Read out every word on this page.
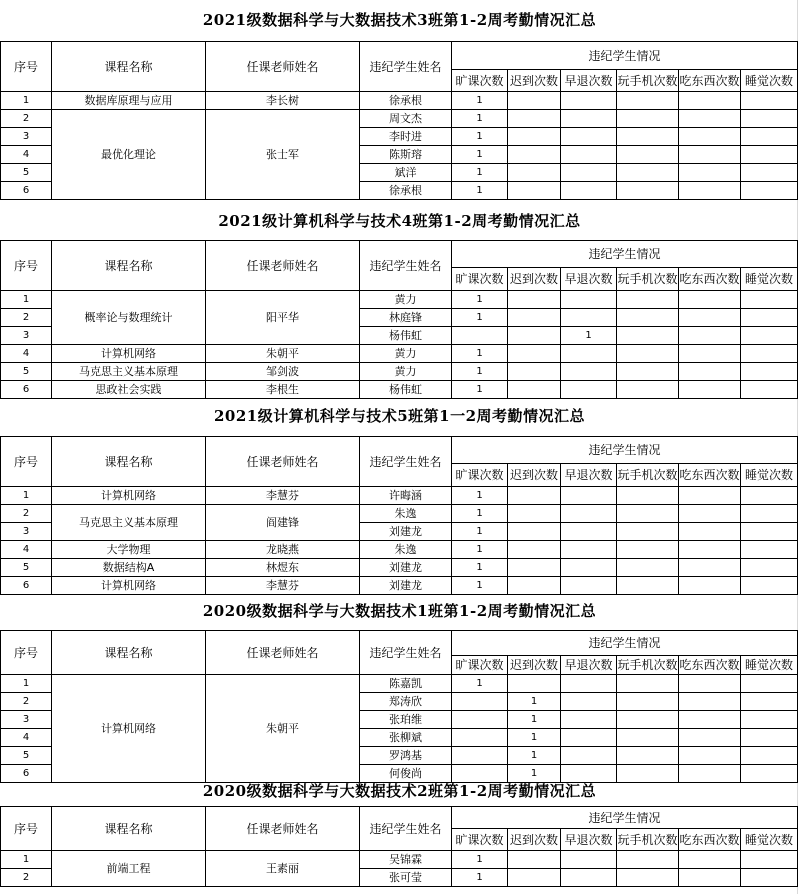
2021级数据科学与大数据技术3班第1-2周考勤情况汇总
序号	课程名称	任课老师姓名	违纪学生姓名	违纪学生情况					
				旷课次数	迟到次数	早退次数	玩手机次数	吃东西次数	睡觉次数
1	数据库原理与应用	李长树	徐承根	1					
2	最优化理论	张士军	周文杰	1					
3			李时进	1					
4			陈斯瑢	1					
5			斌洋	1					
6			徐承根	1					
2021级计算机科学与技术4班第1-2周考勤情况汇总
序号	课程名称	任课老师姓名	违纪学生姓名	违纪学生情况					
				旷课次数	迟到次数	早退次数	玩手机次数	吃东西次数	睡觉次数
1	概率论与数理统计	阳平华	黄力	1					
2			林庭锋	1					
3			杨伟虹			1			
4	计算机网络	朱朝平	黄力	1					
5	马克思主义基本原理	邹剑波	黄力	1					
6	思政社会实践	李根生	杨伟虹	1					
2021级计算机科学与技术5班第1一2周考勤情况汇总
序号	课程名称	任课老师姓名	违纪学生姓名	违纪学生情况					
				旷课次数	迟到次数	早退次数	玩手机次数	吃东西次数	睡觉次数
1	计算机网络	李慧芬	许晦涵	1					
2	马克思主义基本原理	阎建锋	朱逸	1					
3			刘建龙	1					
4	大学物理	龙晓燕	朱逸	1					
5	数据结构A	林煜东	刘建龙	1					
6	计算机网络	李慧芬	刘建龙	1					
2020级数据科学与大数据技术1班第1-2周考勤情况汇总
序号	课程名称	任课老师姓名	违纪学生姓名	违纪学生情况					
				旷课次数	迟到次数	早退次数	玩手机次数	吃东西次数	睡觉次数
1	计算机网络	朱朝平	陈嘉凯	1					
2			郑涛欣		1				
3			张珀维		1				
4			张柳斌		1				
5			罗鸿基		1				
6			何俊尚		1				
2020级数据科学与大数据技术2班第1-2周考勤情况汇总
序号	课程名称	任课老师姓名	违纪学生姓名	违纪学生情况					
				旷课次数	迟到次数	早退次数	玩手机次数	吃东西次数	睡觉次数
1	前端工程	王素丽	吴锦霖	1					
2			张可莹	1					
